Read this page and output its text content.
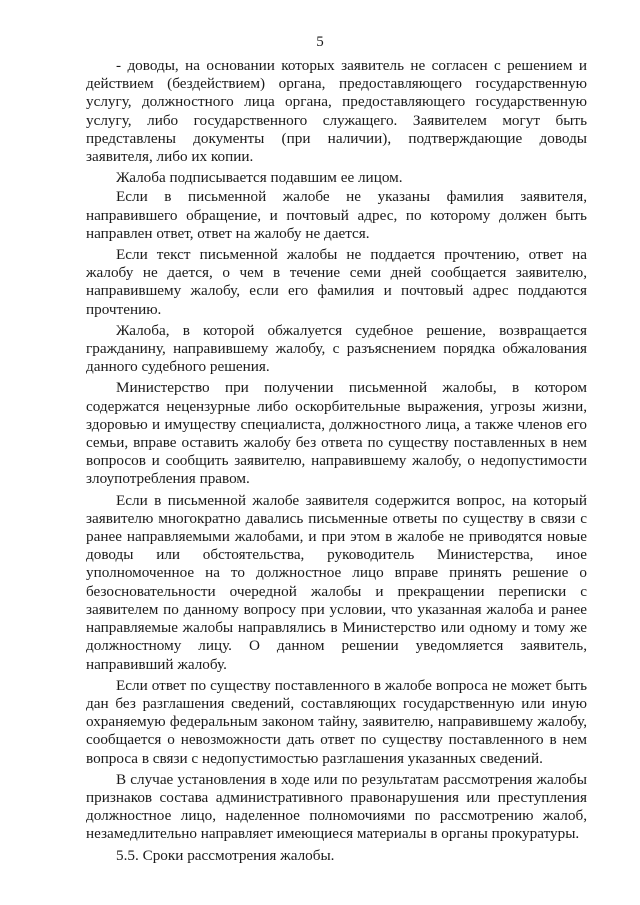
5

- доводы, на основании которых заявитель не согласен с решением и действием (бездействием) органа, предоставляющего государственную услугу, должностного лица органа, предоставляющего государственную услугу, либо государственного служащего. Заявителем могут быть представлены документы (при наличии), подтверждающие доводы заявителя, либо их копии.

Жалоба подписывается подавшим ее лицом.

Если в письменной жалобе не указаны фамилия заявителя, направившего обращение, и почтовый адрес, по которому должен быть направлен ответ, ответ на жалобу не дается.

Если текст письменной жалобы не поддается прочтению, ответ на жалобу не дается, о чем в течение семи дней сообщается заявителю, направившему жалобу, если его фамилия и почтовый адрес поддаются прочтению.

Жалоба, в которой обжалуется судебное решение, возвращается гражданину, направившему жалобу, с разъяснением порядка обжалования данного судебного решения.

Министерство при получении письменной жалобы, в котором содержатся нецензурные либо оскорбительные выражения, угрозы жизни, здоровью и имуществу специалиста, должностного лица, а также членов его семьи, вправе оставить жалобу без ответа по существу поставленных в нем вопросов и сообщить заявителю, направившему жалобу, о недопустимости злоупотребления правом.

Если в письменной жалобе заявителя содержится вопрос, на который заявителю многократно давались письменные ответы по существу в связи с ранее направляемыми жалобами, и при этом в жалобе не приводятся новые доводы или обстоятельства, руководитель Министерства, иное уполномоченное на то должностное лицо вправе принять решение о безосновательности очередной жалобы и прекращении переписки с заявителем по данному вопросу при условии, что указанная жалоба и ранее направляемые жалобы направлялись в Министерство или одному и тому же должностному лицу. О данном решении уведомляется заявитель, направивший жалобу.

Если ответ по существу поставленного в жалобе вопроса не может быть дан без разглашения сведений, составляющих государственную или иную охраняемую федеральным законом тайну, заявителю, направившему жалобу, сообщается о невозможности дать ответ по существу поставленного в нем вопроса в связи с недопустимостью разглашения указанных сведений.

В случае установления в ходе или по результатам рассмотрения жалобы признаков состава административного правонарушения или преступления должностное лицо, наделенное полномочиями по рассмотрению жалоб, незамедлительно направляет имеющиеся материалы в органы прокуратуры.

5.5. Сроки рассмотрения жалобы.
